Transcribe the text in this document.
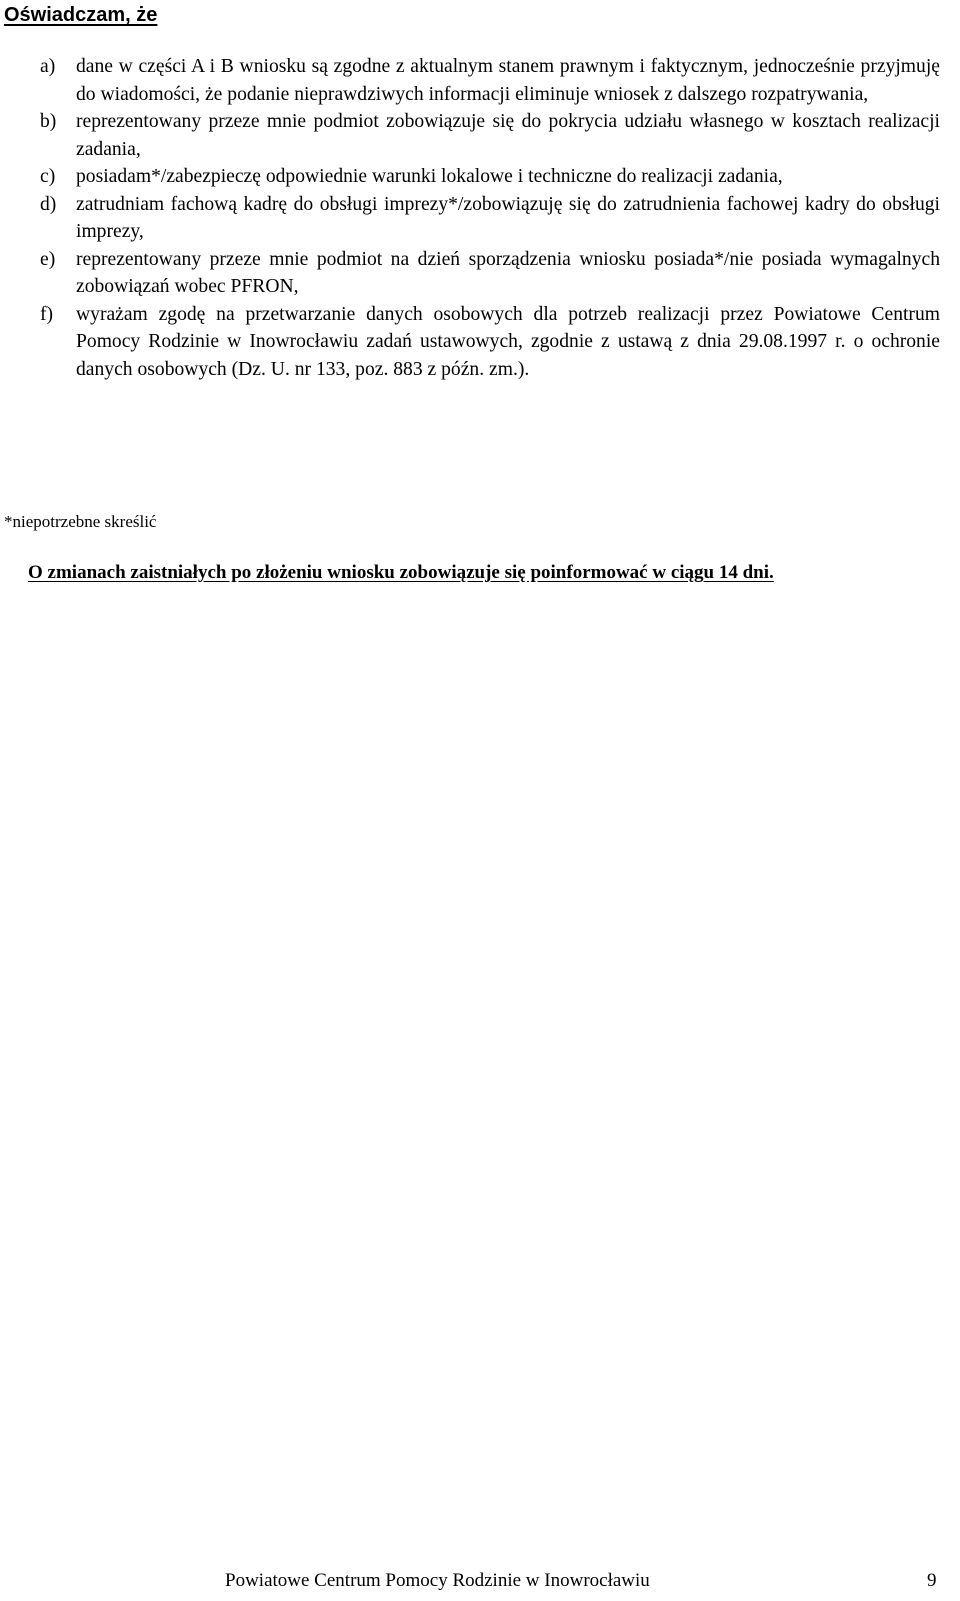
Oświadczam, że
a) dane w części A i B wniosku są zgodne z aktualnym stanem prawnym i faktycznym, jednocześnie przyjmuję do wiadomości, że podanie nieprawdziwych informacji eliminuje wniosek z dalszego rozpatrywania,
b) reprezentowany przeze mnie podmiot zobowiązuje się do pokrycia udziału własnego w kosztach realizacji zadania,
c) posiadam*/zabezpieczę odpowiednie warunki lokalowe i techniczne do realizacji zadania,
d) zatrudniam fachową kadrę do obsługi imprezy*/zobowiązuję się do zatrudnienia fachowej kadry do obsługi imprezy,
e) reprezentowany przeze mnie podmiot na dzień sporządzenia wniosku posiada*/nie posiada wymagalnych zobowiązań wobec PFRON,
f) wyrażam zgodę na przetwarzanie danych osobowych dla potrzeb realizacji przez Powiatowe Centrum Pomocy Rodzinie w Inowrocławiu zadań ustawowych, zgodnie z ustawą z dnia 29.08.1997 r. o ochronie danych osobowych (Dz. U. nr 133, poz. 883 z późn. zm.).
*niepotrzebne skreślić
O zmianach zaistniałych po złożeniu wniosku zobowiązuje się poinformować w ciągu 14 dni.
Powiatowe Centrum Pomocy Rodzinie w Inowrocławiu	9
